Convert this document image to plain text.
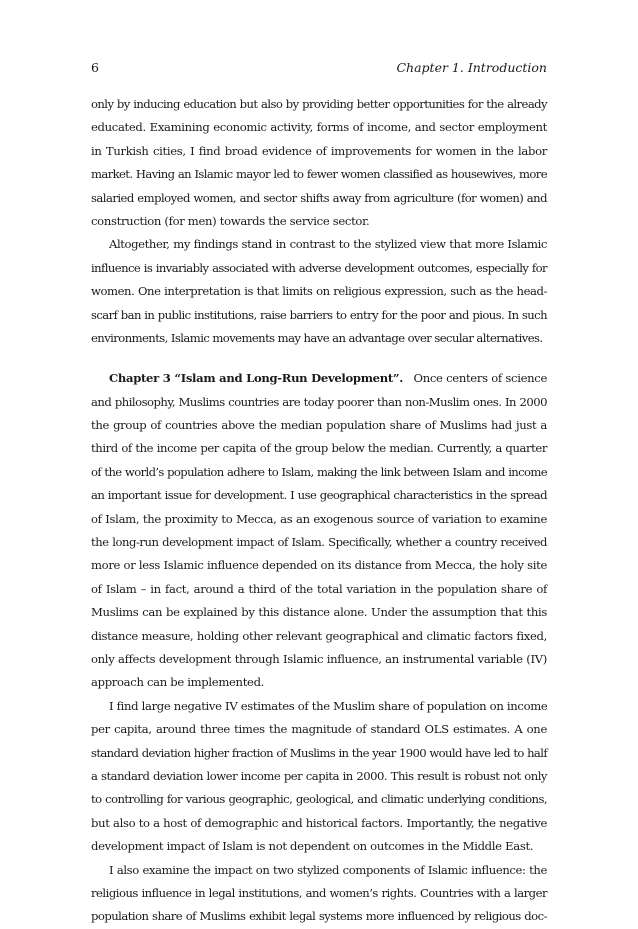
6	Chapter 1. Introduction
only by inducing education but also by providing better opportunities for the already
educated. Examining economic activity, forms of income, and sector employment
in Turkish cities, I find broad evidence of improvements for women in the labor
market. Having an Islamic mayor led to fewer women classified as housewives, more
salaried employed women, and sector shifts away from agriculture (for women) and
construction (for men) towards the service sector.
Altogether, my findings stand in contrast to the stylized view that more Islamic
influence is invariably associated with adverse development outcomes, especially for
women. One interpretation is that limits on religious expression, such as the head-
scarf ban in public institutions, raise barriers to entry for the poor and pious. In such
environments, Islamic movements may have an advantage over secular alternatives.
Chapter 3 “Islam and Long-Run Development”. Once centers of science
and philosophy, Muslims countries are today poorer than non-Muslim ones. In 2000
the group of countries above the median population share of Muslims had just a
third of the income per capita of the group below the median. Currently, a quarter
of the world’s population adhere to Islam, making the link between Islam and income
an important issue for development. I use geographical characteristics in the spread
of Islam, the proximity to Mecca, as an exogenous source of variation to examine
the long-run development impact of Islam. Specifically, whether a country received
more or less Islamic influence depended on its distance from Mecca, the holy site
of Islam – in fact, around a third of the total variation in the population share of
Muslims can be explained by this distance alone. Under the assumption that this
distance measure, holding other relevant geographical and climatic factors fixed,
only affects development through Islamic influence, an instrumental variable (IV)
approach can be implemented.
I find large negative IV estimates of the Muslim share of population on income
per capita, around three times the magnitude of standard OLS estimates. A one
standard deviation higher fraction of Muslims in the year 1900 would have led to half
a standard deviation lower income per capita in 2000. This result is robust not only
to controlling for various geographic, geological, and climatic underlying conditions,
but also to a host of demographic and historical factors. Importantly, the negative
development impact of Islam is not dependent on outcomes in the Middle East.
I also examine the impact on two stylized components of Islamic influence: the
religious influence in legal institutions, and women’s rights. Countries with a larger
population share of Muslims exhibit legal systems more influenced by religious doc-
